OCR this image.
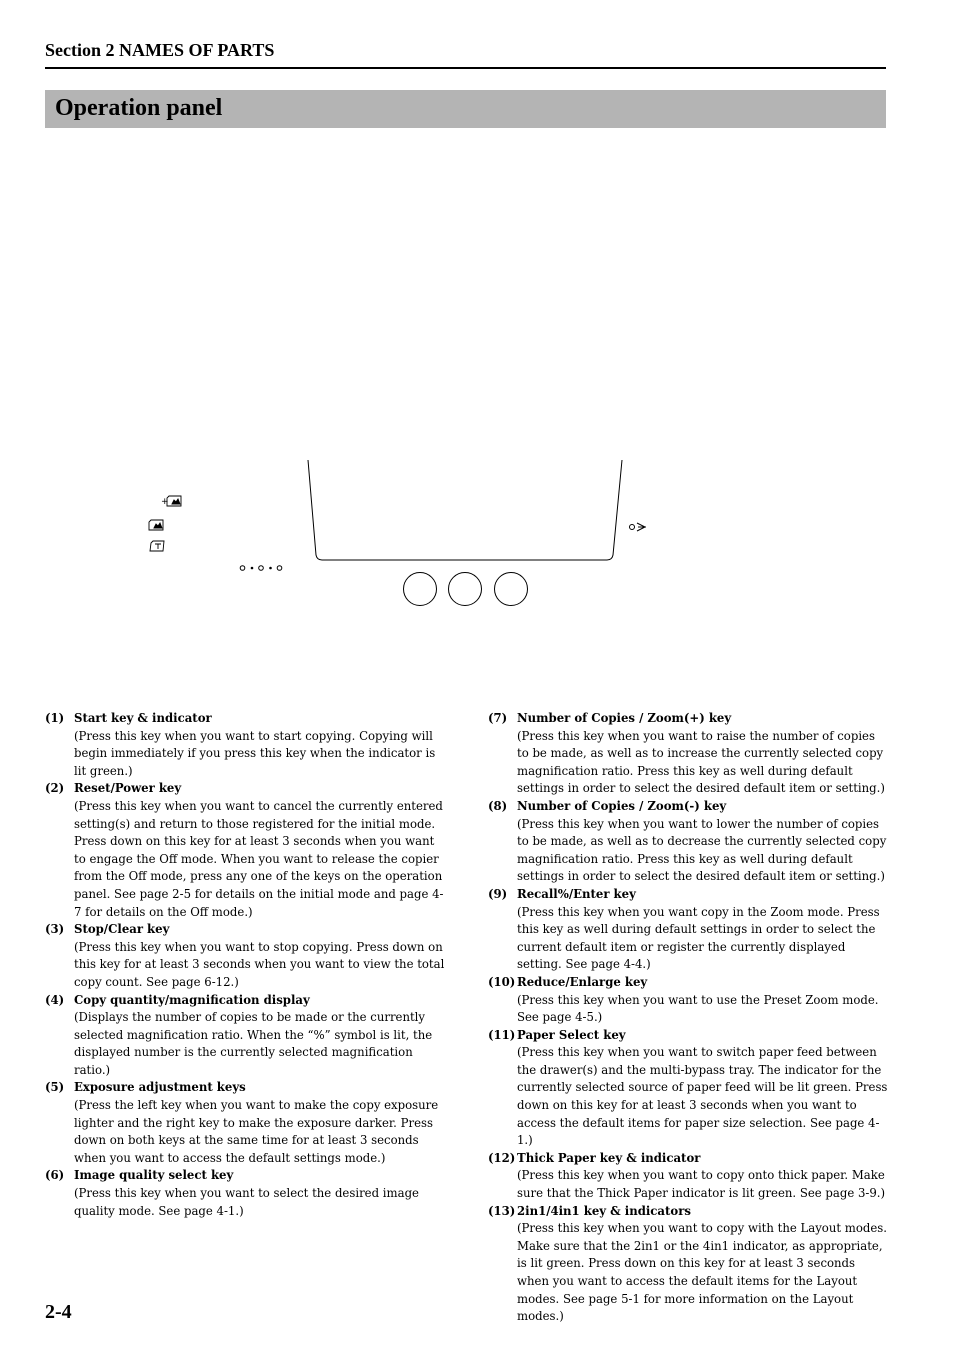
Section 2 NAMES OF PARTS
Operation panel
+
(1) Start key & indicator
(Press this key when you want to start copying. Copying will begin immediately if you press this key when the indicator is lit green.)
(2) Reset/Power key
(Press this key when you want to cancel the currently entered setting(s) and return to those registered for the initial mode. Press down on this key for at least 3 seconds when you want to engage the Off mode. When you want to release the copier from the Off mode, press any one of the keys on the operation panel. See page 2-5 for details on the initial mode and page 4-7 for details on the Off mode.)
(3) Stop/Clear key
(Press this key when you want to stop copying. Press down on this key for at least 3 seconds when you want to view the total copy count. See page 6-12.)
(4) Copy quantity/magnification display
(Displays the number of copies to be made or the currently selected magnification ratio. When the “%” symbol is lit, the displayed number is the currently selected magnification ratio.)
(5) Exposure adjustment keys
(Press the left key when you want to make the copy exposure lighter and the right key to make the exposure darker. Press down on both keys at the same time for at least 3 seconds when you want to access the default settings mode.)
(6) Image quality select key
(Press this key when you want to select the desired image quality mode. See page 4-1.)
(7) Number of Copies / Zoom(+) key
(Press this key when you want to raise the number of copies to be made, as well as to increase the currently selected copy magnification ratio. Press this key as well during default settings in order to select the desired default item or setting.)
(8) Number of Copies / Zoom(-) key
(Press this key when you want to lower the number of copies to be made, as well as to decrease the currently selected copy magnification ratio. Press this key as well during default settings in order to select the desired default item or setting.)
(9) Recall%/Enter key
(Press this key when you want copy in the Zoom mode. Press this key as well during default settings in order to select the current default item or register the currently displayed setting. See page 4-4.)
(10) Reduce/Enlarge key
(Press this key when you want to use the Preset Zoom mode. See page 4-5.)
(11) Paper Select key
(Press this key when you want to switch paper feed between the drawer(s) and the multi-bypass tray. The indicator for the currently selected source of paper feed will be lit green. Press down on this key for at least 3 seconds when you want to access the default items for paper size selection. See page 4-1.)
(12) Thick Paper key & indicator
(Press this key when you want to copy onto thick paper. Make sure that the Thick Paper indicator is lit green. See page 3-9.)
(13) 2in1/4in1 key & indicators
(Press this key when you want to copy with the Layout modes. Make sure that the 2in1 or the 4in1 indicator, as appropriate, is lit green. Press down on this key for at least 3 seconds when you want to access the default items for the Layout modes. See page 5-1 for more information on the Layout modes.)
2-4
